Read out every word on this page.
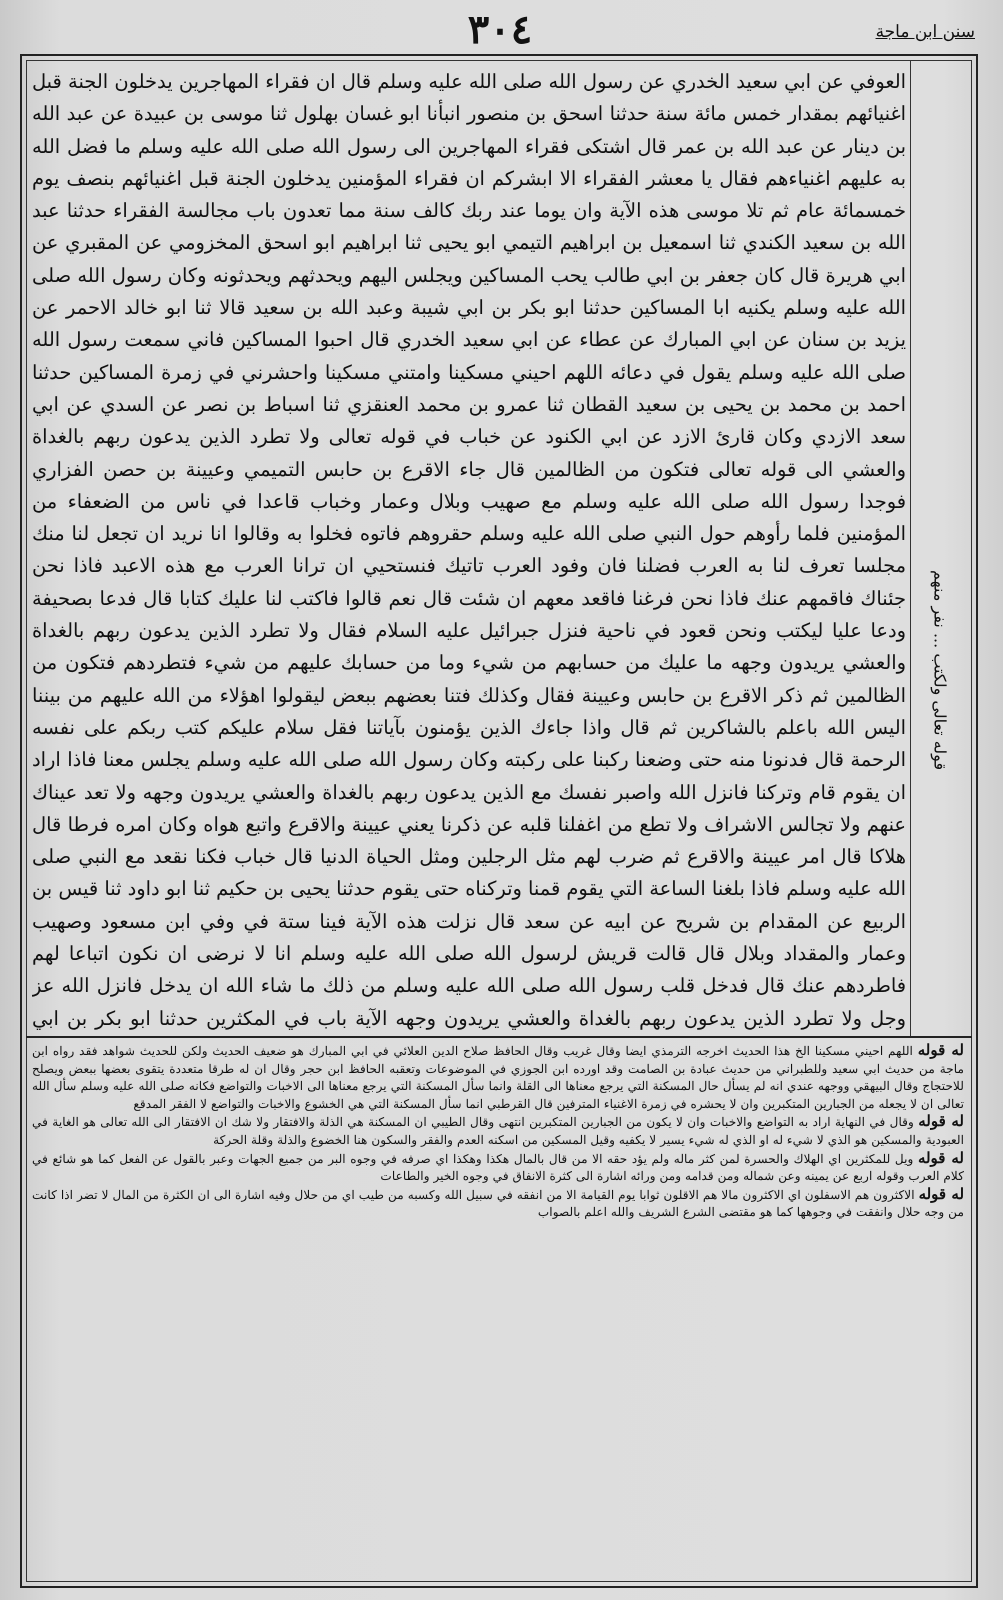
٣٠٤	سنن ابن ماجة

العوفي عن ابي سعيد الخدري عن رسول الله صلى الله عليه وسلم قال ان فقراء المهاجرين يدخلون الجنة قبل اغنيائهم بمقدار خمس مائة سنة حدثنا اسحق بن منصور انبأنا ابو غسان بهلول ثنا موسى بن عبيدة عن عبد الله بن دينار عن عبد الله بن عمر قال اشتكى فقراء المهاجرين الى رسول الله صلى الله عليه وسلم ما فضل الله به عليهم اغنياءهم فقال يا معشر الفقراء الا ابشركم ان فقراء المؤمنين يدخلون الجنة قبل اغنيائهم بنصف يوم خمسمائة عام ثم تلا موسى هذه الآية وان يوما عند ربك كالف سنة مما تعدون باب مجالسة الفقراء حدثنا عبد الله بن سعيد الكندي ثنا اسمعيل بن ابراهيم التيمي ابو يحيى ثنا ابراهيم ابو اسحق المخزومي عن المقبري عن ابي هريرة قال كان جعفر بن ابي طالب يحب المساكين ويجلس اليهم ويحدثهم ويحدثونه وكان رسول الله صلى الله عليه وسلم يكنيه ابا المساكين حدثنا ابو بكر بن ابي شيبة وعبد الله بن سعيد قالا ثنا ابو خالد الاحمر عن يزيد بن سنان عن ابي المبارك عن عطاء عن ابي سعيد الخدري قال احبوا المساكين فاني سمعت رسول الله صلى الله عليه وسلم يقول في دعائه اللهم احيني مسكينا وامتني مسكينا واحشرني في زمرة المساكين حدثنا احمد بن محمد بن يحيى بن سعيد القطان ثنا عمرو بن محمد العنقزي ثنا اسباط بن نصر عن السدي عن ابي سعد الازدي وكان قارئ الازد عن ابي الكنود عن خباب في قوله تعالى ولا تطرد الذين يدعون ربهم بالغداة والعشي الى قوله تعالى فتكون من الظالمين قال جاء الاقرع بن حابس التميمي وعيينة بن حصن الفزاري فوجدا رسول الله صلى الله عليه وسلم مع صهيب وبلال وعمار وخباب قاعدا في ناس من الضعفاء من المؤمنين فلما رأوهم حول النبي صلى الله عليه وسلم حقروهم فاتوه فخلوا به وقالوا انا نريد ان تجعل لنا منك مجلسا تعرف لنا به العرب فضلنا فان وفود العرب تاتيك فنستحيي ان ترانا العرب مع هذه الاعبد فاذا نحن جئناك فاقمهم عنك فاذا نحن فرغنا فاقعد معهم ان شئت قال نعم قالوا فاكتب لنا عليك كتابا قال فدعا بصحيفة ودعا عليا ليكتب ونحن قعود في ناحية فنزل جبرائيل عليه السلام فقال ولا تطرد الذين يدعون ربهم بالغداة والعشي يريدون وجهه ما عليك من حسابهم من شيء وما من حسابك عليهم من شيء فتطردهم فتكون من الظالمين ثم ذكر الاقرع بن حابس وعيينة فقال وكذلك فتنا بعضهم ببعض ليقولوا اهؤلاء من الله عليهم من بيننا اليس الله باعلم بالشاكرين ثم قال واذا جاءك الذين يؤمنون بآياتنا فقل سلام عليكم كتب ربكم على نفسه الرحمة قال فدنونا منه حتى وضعنا ركبنا على ركبته وكان رسول الله صلى الله عليه وسلم يجلس معنا فاذا اراد ان يقوم قام وتركنا فانزل الله واصبر نفسك مع الذين يدعون ربهم بالغداة والعشي يريدون وجهه ولا تعد عيناك عنهم ولا تجالس الاشراف ولا تطع من اغفلنا قلبه عن ذكرنا يعني عيينة والاقرع واتبع هواه وكان امره فرطا قال هلاكا قال امر عيينة والاقرع ثم ضرب لهم مثل الرجلين ومثل الحياة الدنيا قال خباب فكنا نقعد مع النبي صلى الله عليه وسلم فاذا بلغنا الساعة التي يقوم قمنا وتركناه حتى يقوم حدثنا يحيى بن حكيم ثنا ابو داود ثنا قيس بن الربيع عن المقدام بن شريح عن ابيه عن سعد قال نزلت هذه الآية فينا ستة في وفي ابن مسعود وصهيب وعمار والمقداد وبلال قال قالت قريش لرسول الله صلى الله عليه وسلم انا لا نرضى ان نكون اتباعا لهم فاطردهم عنك قال فدخل قلب رسول الله صلى الله عليه وسلم من ذلك ما شاء الله ان يدخل فانزل الله عز وجل ولا تطرد الذين يدعون ربهم بالغداة والعشي يريدون وجهه الآية باب في المكثرين حدثنا ابو بكر بن ابي

قوله تعالى ولكتب ... نفر منهم

له قوله اللهم احيني مسكينا الخ هذا الحديث اخرجه الترمذي ايضا وقال غريب وقال الحافظ صلاح الدين العلائي في ابي المبارك هو ضعيف الحديث ولكن للحديث شواهد فقد رواه ابن ماجة من حديث ابي سعيد وللطبراني من حديث عبادة بن الصامت وقد اورده ابن الجوزي في الموضوعات وتعقبه الحافظ ابن حجر وقال ان له طرقا متعددة يتقوى بعضها ببعض ويصلح للاحتجاج وقال البيهقي ووجهه عندي انه لم يسأل حال المسكنة التي يرجع معناها الى القلة وانما سأل المسكنة التي يرجع معناها الى الاخبات والتواضع فكانه صلى الله عليه وسلم سأل الله تعالى ان لا يجعله من الجبارين المتكبرين وان لا يحشره في زمرة الاغنياء المترفين قال القرطبي انما سأل المسكنة التي هي الخشوع والاخبات والتواضع لا الفقر المدقع

له قوله وقال في النهاية اراد به التواضع والاخبات وان لا يكون من الجبارين المتكبرين انتهى وقال الطيبي ان المسكنة هي الذلة والافتقار ولا شك ان الافتقار الى الله تعالى هو الغاية في العبودية والمسكين هو الذي لا شيء له او الذي له شيء يسير لا يكفيه وقيل المسكين من اسكنه العدم والفقر والسكون هنا الخضوع والذلة وقلة الحركة

له قوله ويل للمكثرين اي الهلاك والحسرة لمن كثر ماله ولم يؤد حقه الا من قال بالمال هكذا وهكذا اي صرفه في وجوه البر من جميع الجهات وعبر بالقول عن الفعل كما هو شائع في كلام العرب وقوله اربع عن يمينه وعن شماله ومن قدامه ومن ورائه اشارة الى كثرة الانفاق في وجوه الخير والطاعات

له قوله الاكثرون هم الاسفلون اي الاكثرون مالا هم الاقلون ثوابا يوم القيامة الا من انفقه في سبيل الله وكسبه من طيب اي من حلال وفيه اشارة الى ان الكثرة من المال لا تضر اذا كانت من وجه حلال وانفقت في وجوهها كما هو مقتضى الشرع الشريف والله اعلم بالصواب
